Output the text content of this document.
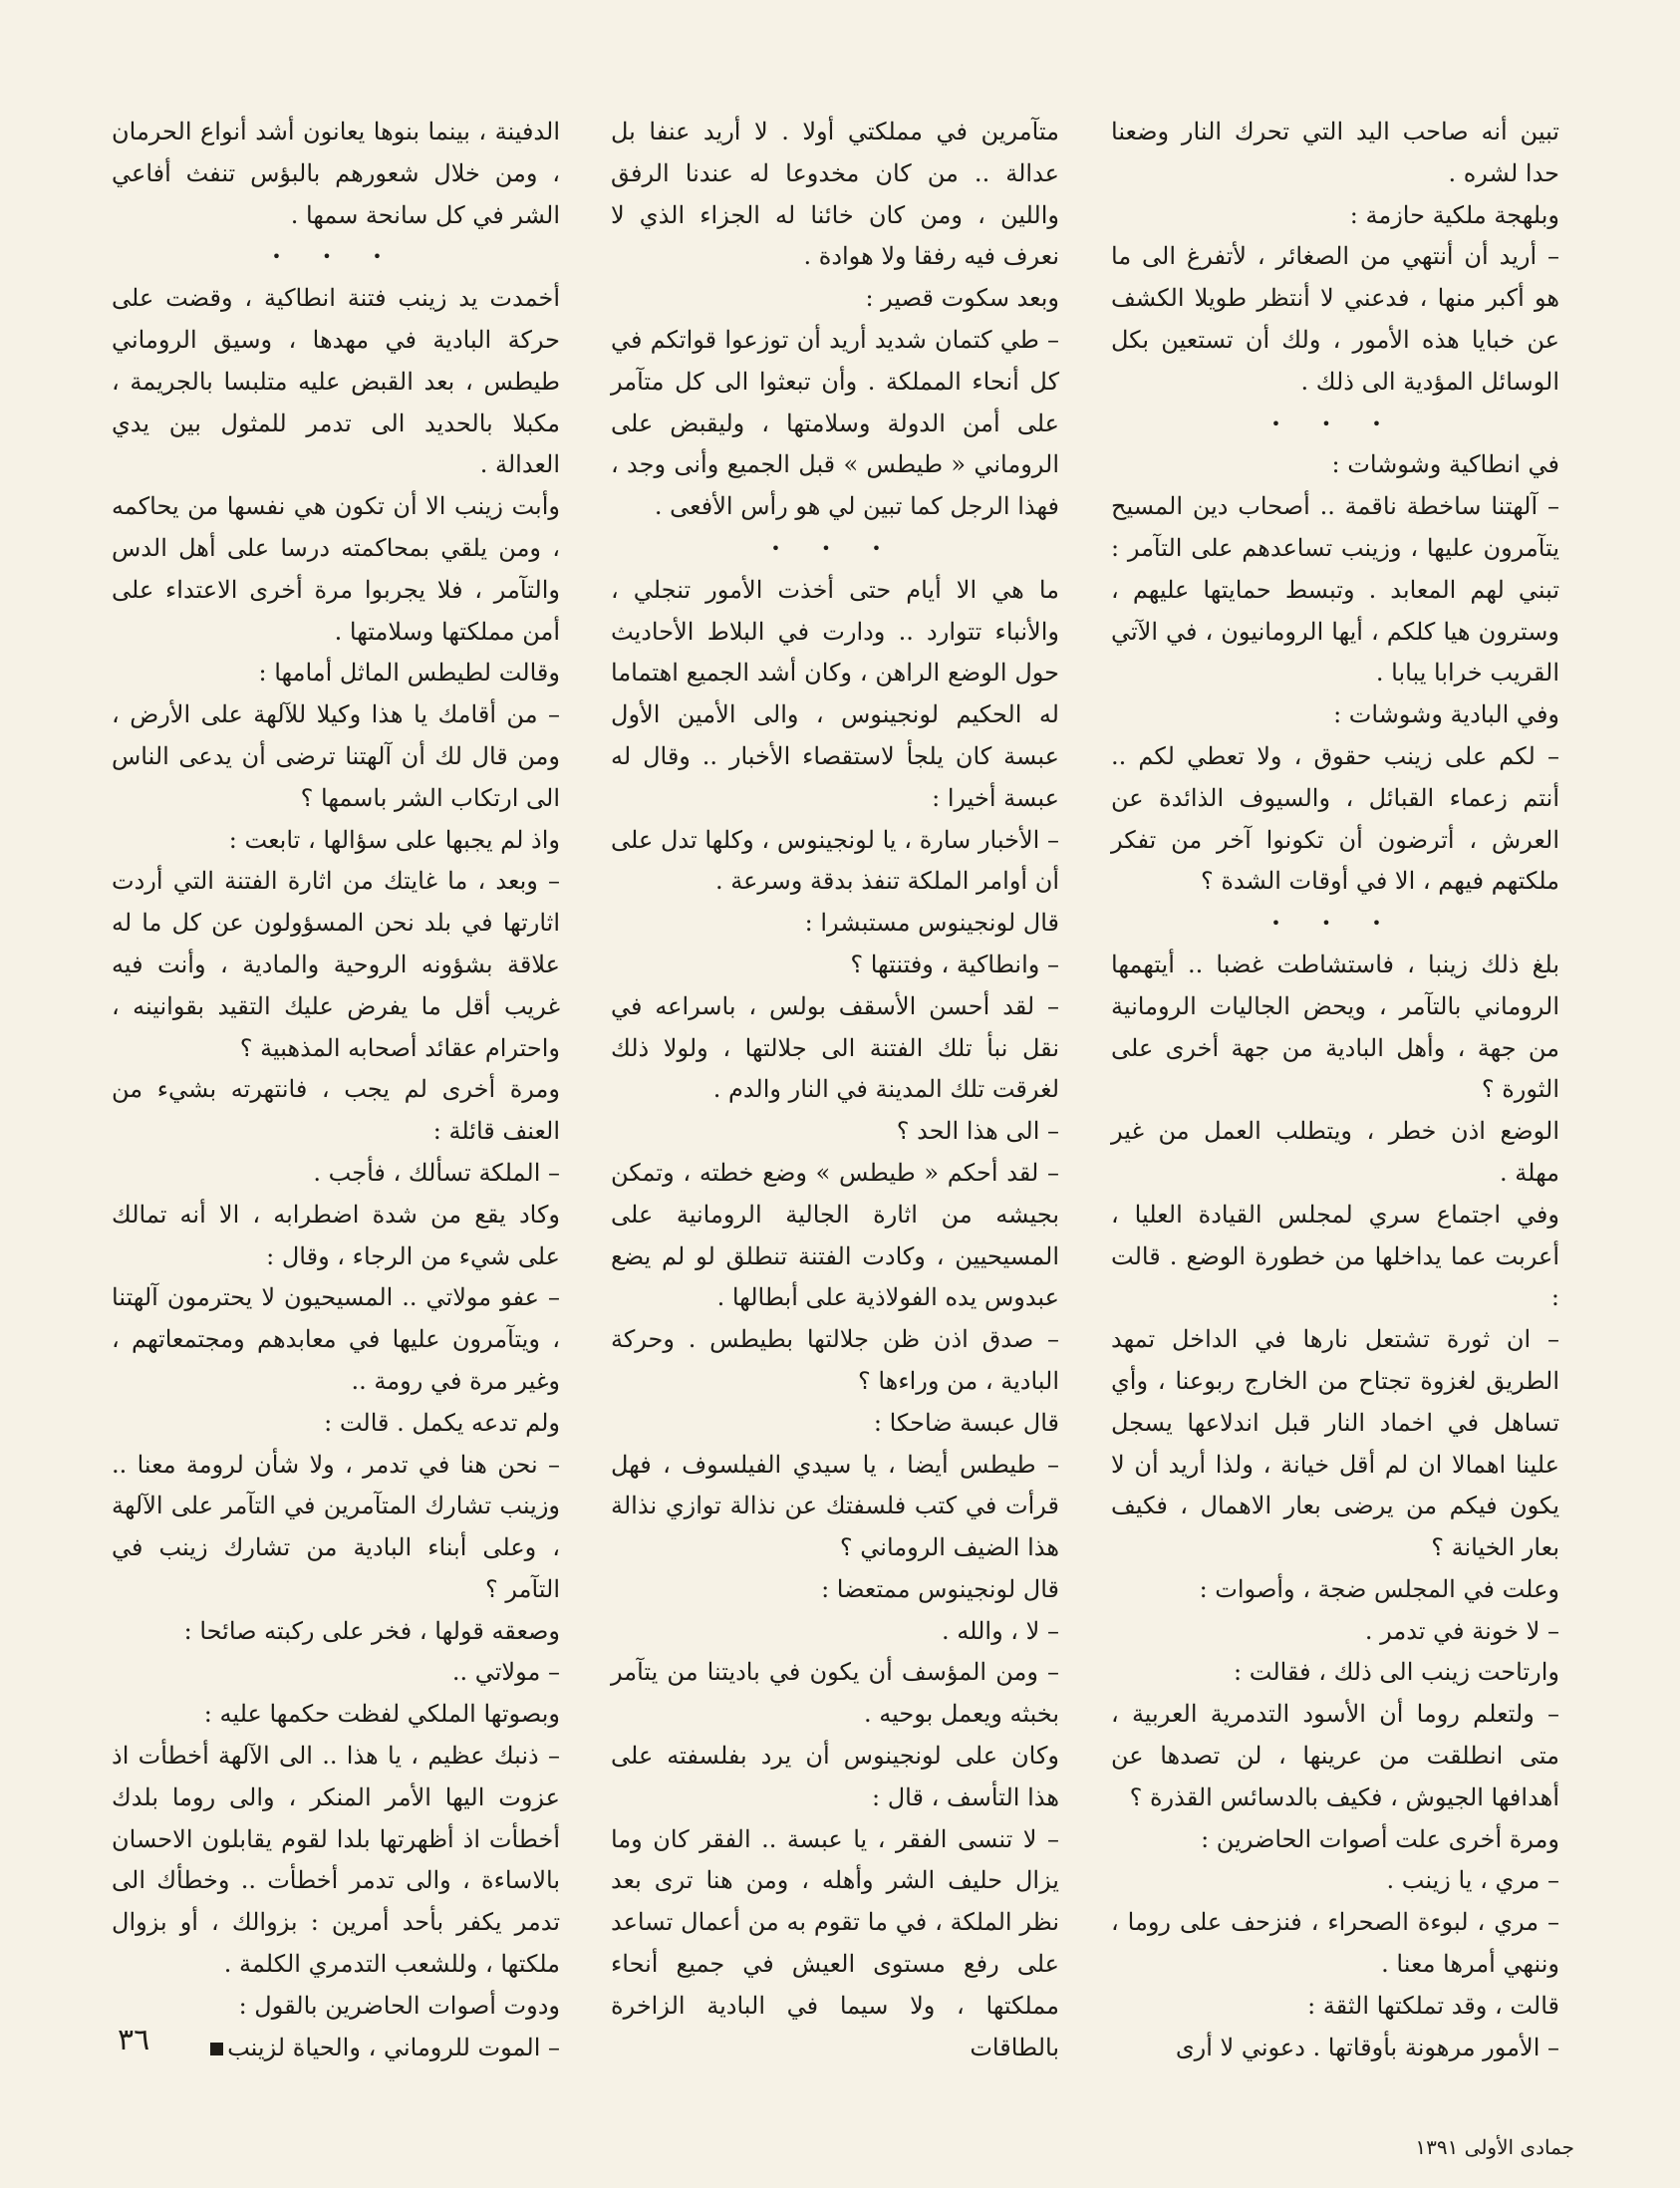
تبين أنه صاحب اليد التي تحرك النار وضعنا حدا لشره .

وبلهجة ملكية حازمة :

– أريد أن أنتهي من الصغائر ، لأتفرغ الى ما هو أكبر منها ، فدعني لا أنتظر طويلا الكشف عن خبايا هذه الأمور ، ولك أن تستعين بكل الوسائل المؤدية الى ذلك .

• • •

في انطاكية وشوشات :

– آلهتنا ساخطة ناقمة .. أصحاب دين المسيح يتآمرون عليها ، وزينب تساعدهم على التآمر : تبني لهم المعابد . وتبسط حمايتها عليهم ، وسترون هيا كلكم ، أيها الرومانيون ، في الآتي القريب خرابا يبابا .

وفي البادية وشوشات :

– لكم على زينب حقوق ، ولا تعطي لكم .. أنتم زعماء القبائل ، والسيوف الذائدة عن العرش ، أترضون أن تكونوا آخر من تفكر ملكتهم فيهم ، الا في أوقات الشدة ؟

• • •

بلغ ذلك زينبا ، فاستشاطت غضبا .. أيتهمها الروماني بالتآمر ، ويحض الجاليات الرومانية من جهة ، وأهل البادية من جهة أخرى على الثورة ؟

الوضع اذن خطر ، ويتطلب العمل من غير مهلة .

وفي اجتماع سري لمجلس القيادة العليا ، أعربت عما يداخلها من خطورة الوضع . قالت :

– ان ثورة تشتعل نارها في الداخل تمهد الطريق لغزوة تجتاح من الخارج ربوعنا ، وأي تساهل في اخماد النار قبل اندلاعها يسجل علينا اهمالا ان لم أقل خيانة ، ولذا أريد أن لا يكون فيكم من يرضى بعار الاهمال ، فكيف بعار الخيانة ؟

وعلت في المجلس ضجة ، وأصوات :

– لا خونة في تدمر .

وارتاحت زينب الى ذلك ، فقالت :

– ولتعلم روما أن الأسود التدمرية العربية ، متى انطلقت من عرينها ، لن تصدها عن أهدافها الجيوش ، فكيف بالدسائس القذرة ؟

ومرة أخرى علت أصوات الحاضرين :

– مري ، يا زينب .

– مري ، لبوءة الصحراء ، فنزحف على روما ، وننهي أمرها معنا .

قالت ، وقد تملكتها الثقة :

– الأمور مرهونة بأوقاتها . دعوني لا أرى

متآمرين في مملكتي أولا . لا أريد عنفا بل عدالة .. من كان مخدوعا له عندنا الرفق واللين ، ومن كان خائنا له الجزاء الذي لا نعرف فيه رفقا ولا هوادة .

وبعد سكوت قصير :

– طي كتمان شديد أريد أن توزعوا قواتكم في كل أنحاء المملكة . وأن تبعثوا الى كل متآمر على أمن الدولة وسلامتها ، وليقبض على الروماني « طيطس » قبل الجميع وأنى وجد ، فهذا الرجل كما تبين لي هو رأس الأفعى .

• • •

ما هي الا أيام حتى أخذت الأمور تنجلي ، والأنباء تتوارد .. ودارت في البلاط الأحاديث حول الوضع الراهن ، وكان أشد الجميع اهتماما له الحكيم لونجينوس ، والى الأمين الأول عبسة كان يلجأ لاستقصاء الأخبار .. وقال له عبسة أخيرا :

– الأخبار سارة ، يا لونجينوس ، وكلها تدل على أن أوامر الملكة تنفذ بدقة وسرعة .

قال لونجينوس مستبشرا :

– وانطاكية ، وفتنتها ؟

– لقد أحسن الأسقف بولس ، باسراعه في نقل نبأ تلك الفتنة الى جلالتها ، ولولا ذلك لغرقت تلك المدينة في النار والدم .

– الى هذا الحد ؟

– لقد أحكم « طيطس » وضع خطته ، وتمكن بجيشه من اثارة الجالية الرومانية على المسيحيين ، وكادت الفتنة تنطلق لو لم يضع عبدوس يده الفولاذية على أبطالها .

– صدق اذن ظن جلالتها بطيطس . وحركة البادية ، من وراءها ؟

قال عبسة ضاحكا :

– طيطس أيضا ، يا سيدي الفيلسوف ، فهل قرأت في كتب فلسفتك عن نذالة توازي نذالة هذا الضيف الروماني ؟

قال لونجينوس ممتعضا :

– لا ، والله .

– ومن المؤسف أن يكون في باديتنا من يتآمر بخبثه ويعمل بوحيه .

وكان على لونجينوس أن يرد بفلسفته على هذا التأسف ، قال :

– لا تنسى الفقر ، يا عبسة .. الفقر كان وما يزال حليف الشر وأهله ، ومن هنا ترى بعد نظر الملكة ، في ما تقوم به من أعمال تساعد على رفع مستوى العيش في جميع أنحاء مملكتها ، ولا سيما في البادية الزاخرة بالطاقات

الدفينة ، بينما بنوها يعانون أشد أنواع الحرمان ، ومن خلال شعورهم بالبؤس تنفث أفاعي الشر في كل سانحة سمها .

• • •

أخمدت يد زينب فتنة انطاكية ، وقضت على حركة البادية في مهدها ، وسيق الروماني طيطس ، بعد القبض عليه متلبسا بالجريمة ، مكبلا بالحديد الى تدمر للمثول بين يدي العدالة .

وأبت زينب الا أن تكون هي نفسها من يحاكمه ، ومن يلقي بمحاكمته درسا على أهل الدس والتآمر ، فلا يجربوا مرة أخرى الاعتداء على أمن مملكتها وسلامتها .

وقالت لطيطس الماثل أمامها :

– من أقامك يا هذا وكيلا للآلهة على الأرض ، ومن قال لك أن آلهتنا ترضى أن يدعى الناس الى ارتكاب الشر باسمها ؟

واذ لم يجبها على سؤالها ، تابعت :

– وبعد ، ما غايتك من اثارة الفتنة التي أردت اثارتها في بلد نحن المسؤولون عن كل ما له علاقة بشؤونه الروحية والمادية ، وأنت فيه غريب أقل ما يفرض عليك التقيد بقوانينه ، واحترام عقائد أصحابه المذهبية ؟

ومرة أخرى لم يجب ، فانتهرته بشيء من العنف قائلة :

– الملكة تسألك ، فأجب .

وكاد يقع من شدة اضطرابه ، الا أنه تمالك على شيء من الرجاء ، وقال :

– عفو مولاتي .. المسيحيون لا يحترمون آلهتنا ، ويتآمرون عليها في معابدهم ومجتمعاتهم ، وغير مرة في رومة ..

ولم تدعه يكمل . قالت :

– نحن هنا في تدمر ، ولا شأن لرومة معنا .. وزينب تشارك المتآمرين في التآمر على الآلهة ، وعلى أبناء البادية من تشارك زينب في التآمر ؟

وصعقه قولها ، فخر على ركبته صائحا :

– مولاتي ..

وبصوتها الملكي لفظت حكمها عليه :

– ذنبك عظيم ، يا هذا .. الى الآلهة أخطأت اذ عزوت اليها الأمر المنكر ، والى روما بلدك أخطأت اذ أظهرتها بلدا لقوم يقابلون الاحسان بالاساءة ، والى تدمر أخطأت .. وخطأك الى تدمر يكفر بأحد أمرين : بزوالك ، أو بزوال ملكتها ، وللشعب التدمري الكلمة .

ودوت أصوات الحاضرين بالقول :

– الموت للروماني ، والحياة لزينب

٣٦
جمادى الأولى ١٣٩١
